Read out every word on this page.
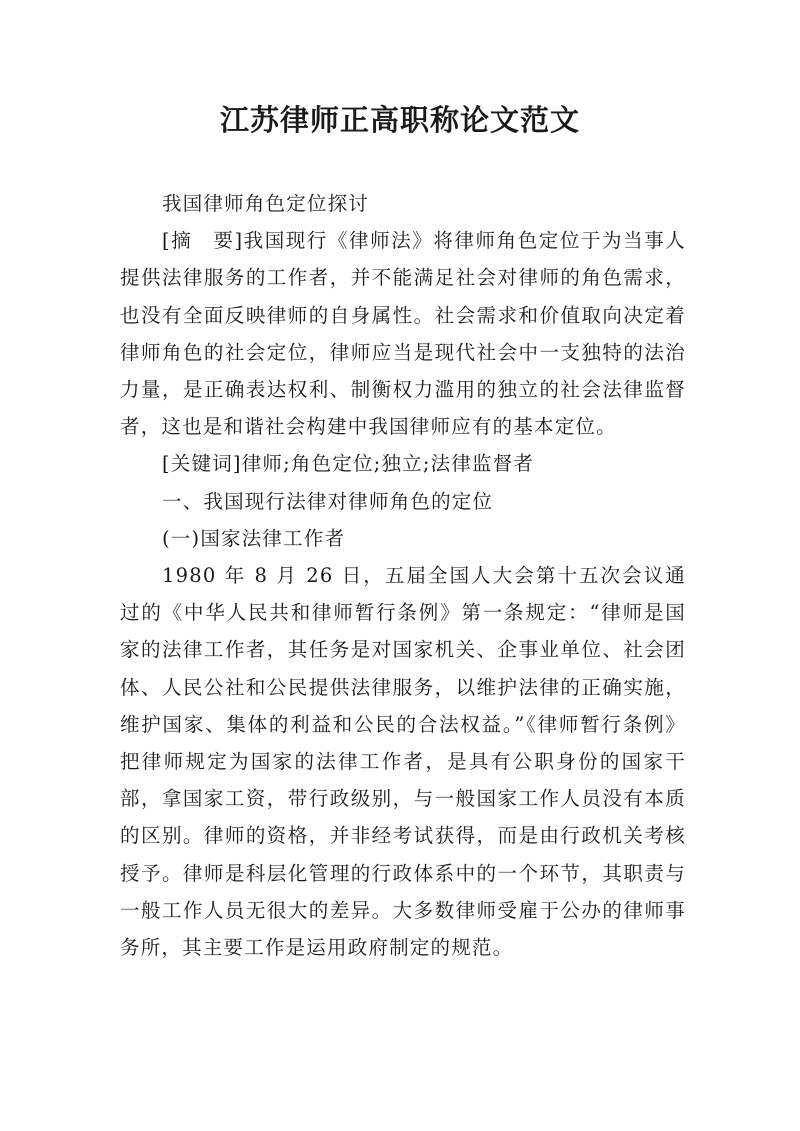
江苏律师正高职称论文范文

我国律师角色定位探讨

[摘　要]我国现行《律师法》将律师角色定位于为当事人提供法律服务的工作者，并不能满足社会对律师的角色需求，也没有全面反映律师的自身属性。社会需求和价值取向决定着律师角色的社会定位，律师应当是现代社会中一支独特的法治力量，是正确表达权利、制衡权力滥用的独立的社会法律监督者，这也是和谐社会构建中我国律师应有的基本定位。

[关键词]律师;角色定位;独立;法律监督者

一、我国现行法律对律师角色的定位

(一)国家法律工作者

1980 年 8 月 26 日，五届全国人大会第十五次会议通过的《中华人民共和律师暂行条例》第一条规定：“律师是国家的法律工作者，其任务是对国家机关、企事业单位、社会团体、人民公社和公民提供法律服务，以维护法律的正确实施，维护国家、集体的利益和公民的合法权益。”《律师暂行条例》把律师规定为国家的法律工作者，是具有公职身份的国家干部，拿国家工资，带行政级别，与一般国家工作人员没有本质的区别。律师的资格，并非经考试获得，而是由行政机关考核授予。律师是科层化管理的行政体系中的一个环节，其职责与一般工作人员无很大的差异。大多数律师受雇于公办的律师事务所，其主要工作是运用政府制定的规范。
